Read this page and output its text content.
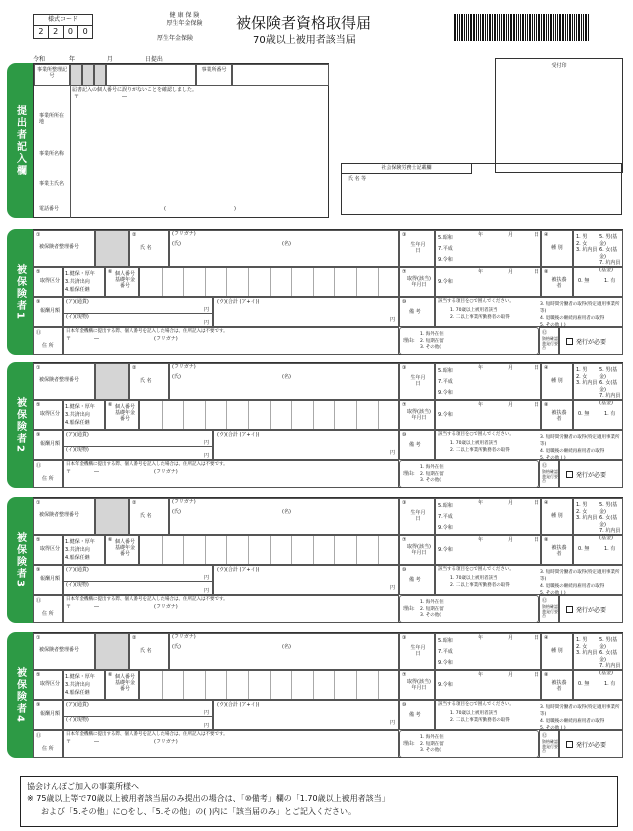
様式コード
2	2	0	0
健 康 保 険
厚生年金保険
厚生年金保険
被保険者資格取得届
70歳以上被用者該当届
令和	年	月	日提出
提出者記入欄
事業所整理記号
事業所番号
届書記入の個人番号に誤りがないことを確認しました。
〒	―
事業所所在地
事業所名称
事業主氏名
電話番号	(	)
受付印
社会保険労務士記載欄
氏 名 等
被保険者
1
①
被保険者整理番号
②
氏 名
(フリガナ)
(氏)	(名)
③
生年月日
5.昭和
7.平成
9.令和
年	月	日 ④
種 別
1. 男
2. 女
3. 坑内員
5. 男(基金)
6. 女(基金)
7. 坑内員
(基金)
⑤
取得区分
1.健保・厚年
3.共済出向
4.船保任継
⑥ 個人番号
基礎年金番号
⑦
取得(該当)年月日	9.令和
年	月	日 ⑧
被扶養者
0. 無	1. 有
⑨
報酬月額
(ア)(通貨)
円
(イ)(現物)
円
(ウ)(合計 (ア+イ))
円
⑩
備 考
該当する項目を○で囲んでください。
1. 70歳以上被用者該当
2. 二以上事業所勤務者の取得
3. 短時間労働者の取得(特定適用事業所等)
4. 退職後の継続再雇用者の取得
5. その他 ( )
⑪
住 所
日本年金機構に提出する際、個人番号を記入した場合は、住所記入は不要です。
〒	―	(フリガナ)	理由:
1. 海外在住
2. 短期在留
3. その他(
⑫
資格確認書発行要否
発行が必要
被保険者
2
①
被保険者整理番号
②
氏 名
(フリガナ)
(氏)	(名)
③
生年月日
5.昭和
7.平成
9.令和
年	月	日 ④
種 別
1. 男
2. 女
3. 坑内員
5. 男(基金)
6. 女(基金)
7. 坑内員
(基金)
⑤
取得区分
1.健保・厚年
3.共済出向
4.船保任継
⑥ 個人番号
基礎年金番号
⑦
取得(該当)年月日	9.令和
年	月	日 ⑧
被扶養者
0. 無	1. 有
⑨
報酬月額
(ア)(通貨)
円
(イ)(現物)
円
(ウ)(合計 (ア+イ))
円
⑩
備 考
該当する項目を○で囲んでください。
1. 70歳以上被用者該当
2. 二以上事業所勤務者の取得
3. 短時間労働者の取得(特定適用事業所等)
4. 退職後の継続再雇用者の取得
5. その他 ( )
⑪
住 所
日本年金機構に提出する際、個人番号を記入した場合は、住所記入は不要です。
〒	―	(フリガナ)	理由:
1. 海外在住
2. 短期在留
3. その他(
⑫
資格確認書発行要否
発行が必要
被保険者
3
①
被保険者整理番号
②
氏 名
(フリガナ)
(氏)	(名)
③
生年月日
5.昭和
7.平成
9.令和
年	月	日 ④
種 別
1. 男
2. 女
3. 坑内員
5. 男(基金)
6. 女(基金)
7. 坑内員
(基金)
⑤
取得区分
1.健保・厚年
3.共済出向
4.船保任継
⑥ 個人番号
基礎年金番号
⑦
取得(該当)年月日	9.令和
年	月	日 ⑧
被扶養者
0. 無	1. 有
⑨
報酬月額
(ア)(通貨)
円
(イ)(現物)
円
(ウ)(合計 (ア+イ))
円
⑩
備 考
該当する項目を○で囲んでください。
1. 70歳以上被用者該当
2. 二以上事業所勤務者の取得
3. 短時間労働者の取得(特定適用事業所等)
4. 退職後の継続再雇用者の取得
5. その他 ( )
⑪
住 所
日本年金機構に提出する際、個人番号を記入した場合は、住所記入は不要です。
〒	―	(フリガナ)	理由:
1. 海外在住
2. 短期在留
3. その他(
⑫
資格確認書発行要否
発行が必要
被保険者
4
①
被保険者整理番号
②
氏 名
(フリガナ)
(氏)	(名)
③
生年月日
5.昭和
7.平成
9.令和
年	月	日 ④
種 別
1. 男
2. 女
3. 坑内員
5. 男(基金)
6. 女(基金)
7. 坑内員
(基金)
⑤
取得区分
1.健保・厚年
3.共済出向
4.船保任継
⑥ 個人番号
基礎年金番号
⑦
取得(該当)年月日	9.令和
年	月	日 ⑧
被扶養者
0. 無	1. 有
⑨
報酬月額
(ア)(通貨)
円
(イ)(現物)
円
(ウ)(合計 (ア+イ))
円
⑩
備 考
該当する項目を○で囲んでください。
1. 70歳以上被用者該当
2. 二以上事業所勤務者の取得
3. 短時間労働者の取得(特定適用事業所等)
4. 退職後の継続再雇用者の取得
5. その他 ( )
⑪
住 所
日本年金機構に提出する際、個人番号を記入した場合は、住所記入は不要です。
〒	―	(フリガナ)	理由:
1. 海外在住
2. 短期在留
3. その他(
⑫
資格確認書発行要否
発行が必要
協会けんぽご加入の事業所様へ
※ 75歳以上等で70歳以上被用者該当届のみ提出の場合は、「⑩備考」欄の「1.70歳以上被用者該当」
および「5.その他」に○をし、「5.その他」の( )内に「該当届のみ」とご記入ください。
